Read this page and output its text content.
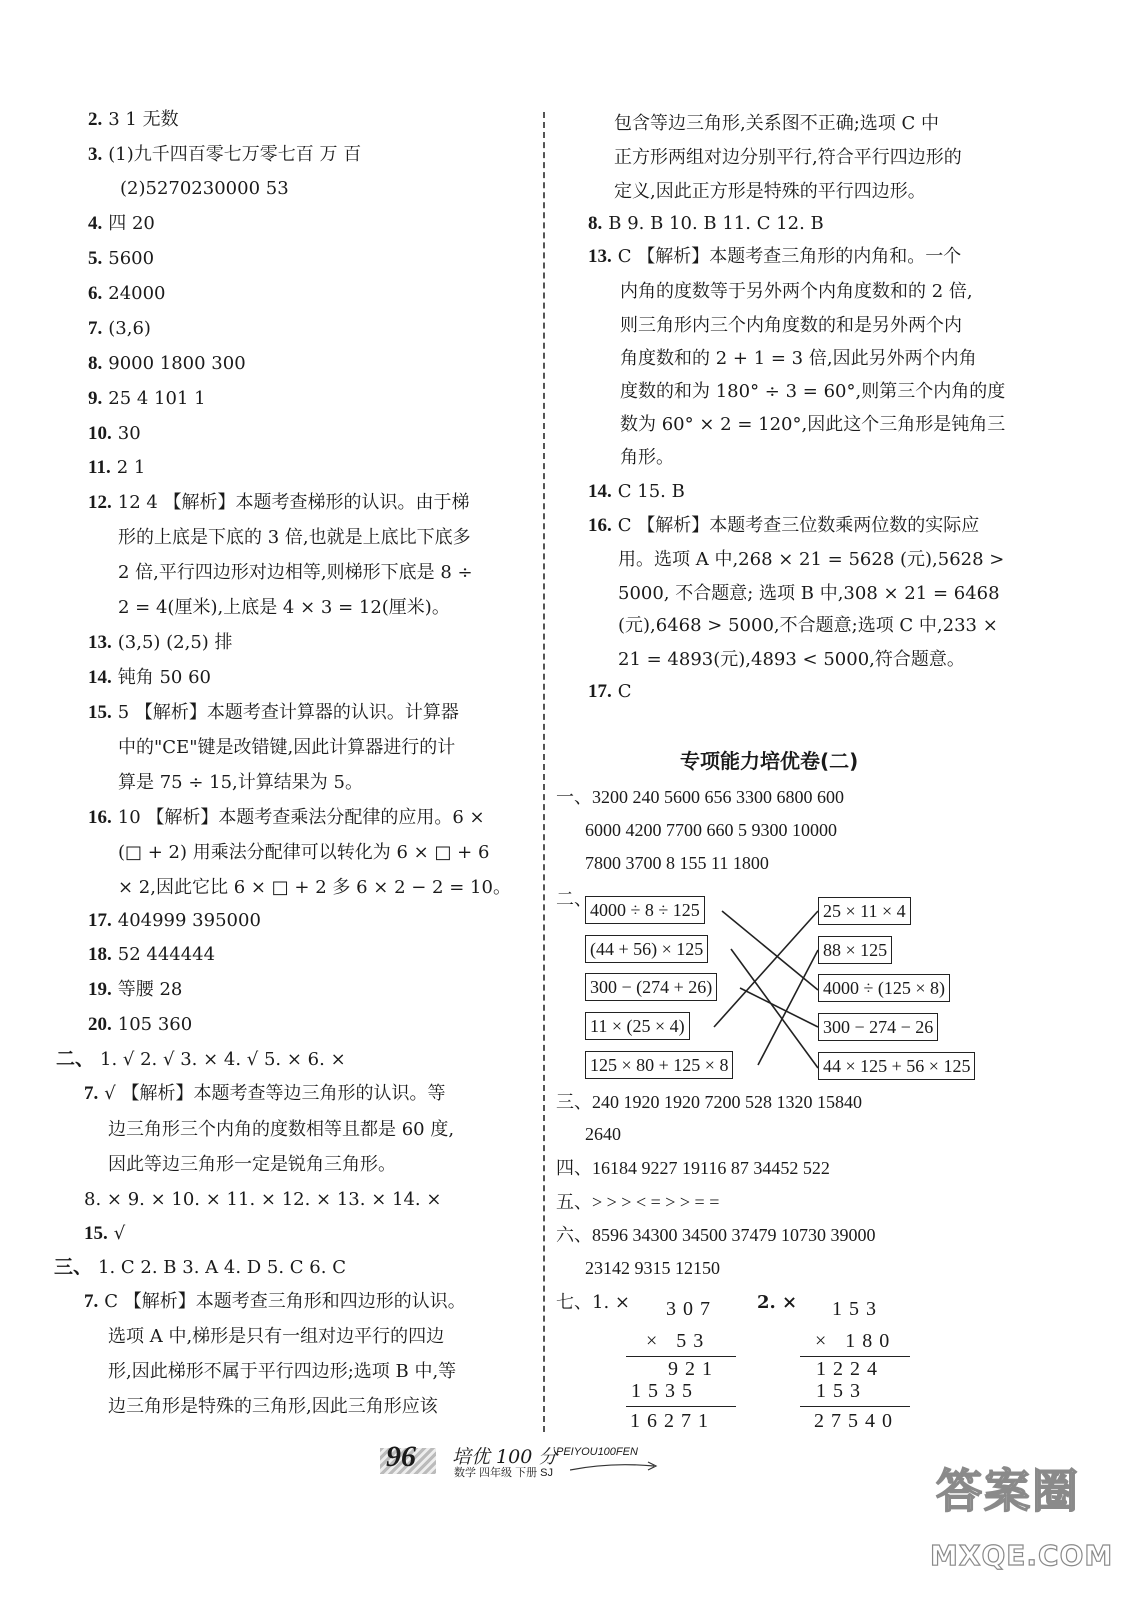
2. 3 1 无数
3. (1)九千四百零七万零七百 万 百
(2)5270230000 53
4. 四 20
5. 5600
6. 24000
7. (3,6)
8. 9000 1800 300
9. 25 4 101 1
10. 30
11. 2 1
12. 12 4 【解析】本题考查梯形的认识。由于梯
形的上底是下底的 3 倍,也就是上底比下底多
2 倍,平行四边形对边相等,则梯形下底是 8 ÷
2 = 4(厘米),上底是 4 × 3 = 12(厘米)。
13. (3,5) (2,5) 排
14. 钝角 50 60
15. 5 【解析】本题考查计算器的认识。计算器
中的"CE"键是改错键,因此计算器进行的计
算是 75 ÷ 15,计算结果为 5。
16. 10 【解析】本题考查乘法分配律的应用。6 ×
(□ + 2) 用乘法分配律可以转化为 6 × □ + 6
× 2,因此它比 6 × □ + 2 多 6 × 2 − 2 = 10。
17. 404999 395000
18. 52 444444
19. 等腰 28
20. 105 360
二、 1. √ 2. √ 3. × 4. √ 5. × 6. ×
7. √ 【解析】本题考查等边三角形的认识。等
边三角形三个内角的度数相等且都是 60 度,
因此等边三角形一定是锐角三角形。
8. × 9. × 10. × 11. × 12. × 13. × 14. ×
15. √
三、 1. C 2. B 3. A 4. D 5. C 6. C
7. C 【解析】本题考查三角形和四边形的认识。
选项 A 中,梯形是只有一组对边平行的四边
形,因此梯形不属于平行四边形;选项 B 中,等
边三角形是特殊的三角形,因此三角形应该
包含等边三角形,关系图不正确;选项 C 中
正方形两组对边分别平行,符合平行四边形的
定义,因此正方形是特殊的平行四边形。
8. B 9. B 10. B 11. C 12. B
13. C 【解析】本题考查三角形的内角和。一个
内角的度数等于另外两个内角度数和的 2 倍,
则三角形内三个内角度数的和是另外两个内
角度数和的 2 + 1 = 3 倍,因此另外两个内角
度数的和为 180° ÷ 3 = 60°,则第三个内角的度
数为 60° × 2 = 120°,因此这个三角形是钝角三
角形。
14. C 15. B
16. C 【解析】本题考查三位数乘两位数的实际应
用。选项 A 中,268 × 21 = 5628 (元),5628 >
5000, 不合题意; 选项 B 中,308 × 21 = 6468
(元),6468 > 5000,不合题意;选项 C 中,233 ×
21 = 4893(元),4893 < 5000,符合题意。
17. C
专项能力培优卷(二)
一、3200 240 5600 656 3300 6800 600
6000 4200 7700 660 5 9300 10000
7800 3700 8 155 11 1800
二、
4000 ÷ 8 ÷ 125
(44 + 56) × 125
300 − (274 + 26)
11 × (25 × 4)
125 × 80 + 125 × 8
25 × 11 × 4
88 × 125
4000 ÷ (125 × 8)
300 − 274 − 26
44 × 125 + 56 × 125
三、240 1920 1920 7200 528 1320 15840
2640
四、16184 9227 19116 87 34452 522
五、> > > < = > > = =
六、8596 34300 34500 37479 10730 39000
23142 9315 12150
七、1. ×	2. ×
307
× 53
921
1535
16271
153
× 180
1224
153
27540
96 培优 100 分
PEIYOU100FEN
数学 四年级 下册 SJ	答案圈
MXQE.COM
